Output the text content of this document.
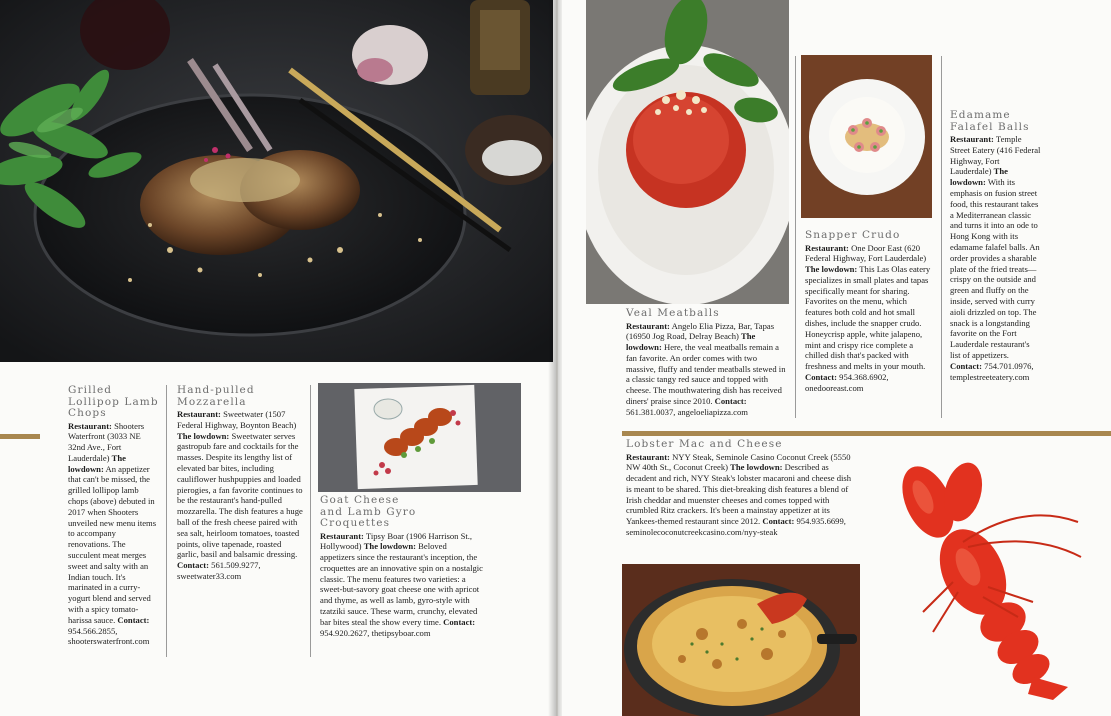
Grilled Lollipop Lamb Chops

Restaurant: Shooters Waterfront (3033 NE 32nd Ave., Fort Lauderdale) The lowdown: An appetizer that can't be missed, the grilled lollipop lamb chops (above) debuted in 2017 when Shooters unveiled new menu items to accompany renovations. The succulent meat merges sweet and salty with an Indian touch. It's marinated in a curry-yogurt blend and served with a spicy tomato-harissa sauce. Contact: 954.566.2855, shooterswaterfront.com

Hand-pulled Mozzarella

Restaurant: Sweetwater (1507 Federal Highway, Boynton Beach) The lowdown: Sweetwater serves gastropub fare and cocktails for the masses. Despite its lengthy list of elevated bar bites, including cauliflower hushpuppies and loaded pierogies, a fan favorite continues to be the restaurant's hand-pulled mozzarella. The dish features a huge ball of the fresh cheese paired with sea salt, heirloom tomatoes, toasted points, olive tapenade, roasted garlic, basil and balsamic dressing. Contact: 561.509.9277, sweetwater33.com

Goat Cheese and Lamb Gyro Croquettes

Restaurant: Tipsy Boar (1906 Harrison St., Hollywood) The lowdown: Beloved appetizers since the restaurant's inception, the croquettes are an innovative spin on a nostalgic classic. The menu features two varieties: a sweet-but-savory goat cheese one with apricot and thyme, as well as lamb, gyro-style with tzatziki sauce. These warm, crunchy, elevated bar bites steal the show every time. Contact: 954.920.2627, thetipsyboar.com

Veal Meatballs

Restaurant: Angelo Elia Pizza, Bar, Tapas (16950 Jog Road, Delray Beach) The lowdown: Here, the veal meatballs remain a fan favorite. An order comes with two massive, fluffy and tender meatballs stewed in a classic tangy red sauce and topped with cheese. The mouthwatering dish has received diners' praise since 2010. Contact: 561.381.0037, angeloeliapizza.com

Snapper Crudo

Restaurant: One Door East (620 Federal Highway, Fort Lauderdale) The lowdown: This Las Olas eatery specializes in small plates and tapas specifically meant for sharing. Favorites on the menu, which features both cold and hot small dishes, include the snapper crudo. Honeycrisp apple, white jalapeno, mint and crispy rice complete a chilled dish that's packed with freshness and melts in your mouth. Contact: 954.368.6902, onedooreast.com

Edamame Falafel Balls

Restaurant: Temple Street Eatery (416 Federal Highway, Fort Lauderdale) The lowdown: With its emphasis on fusion street food, this restaurant takes a Mediterranean classic and turns it into an ode to Hong Kong with its edamame falafel balls. An order provides a sharable plate of the fried treats—crispy on the outside and green and fluffy on the inside, served with curry aioli drizzled on top. The snack is a longstanding favorite on the Fort Lauderdale restaurant's list of appetizers. Contact: 754.701.0976, templestreeteatery.com

Lobster Mac and Cheese

Restaurant: NYY Steak, Seminole Casino Coconut Creek (5550 NW 40th St., Coconut Creek) The lowdown: Described as decadent and rich, NYY Steak's lobster macaroni and cheese dish is meant to be shared. This diet-breaking dish features a blend of Irish cheddar and muenster cheeses and comes topped with crumbled Ritz crackers. It's been a mainstay appetizer at its Yankees-themed restaurant since 2012. Contact: 954.935.6699, seminolecoconutcreekcasino.com/nyy-steak
